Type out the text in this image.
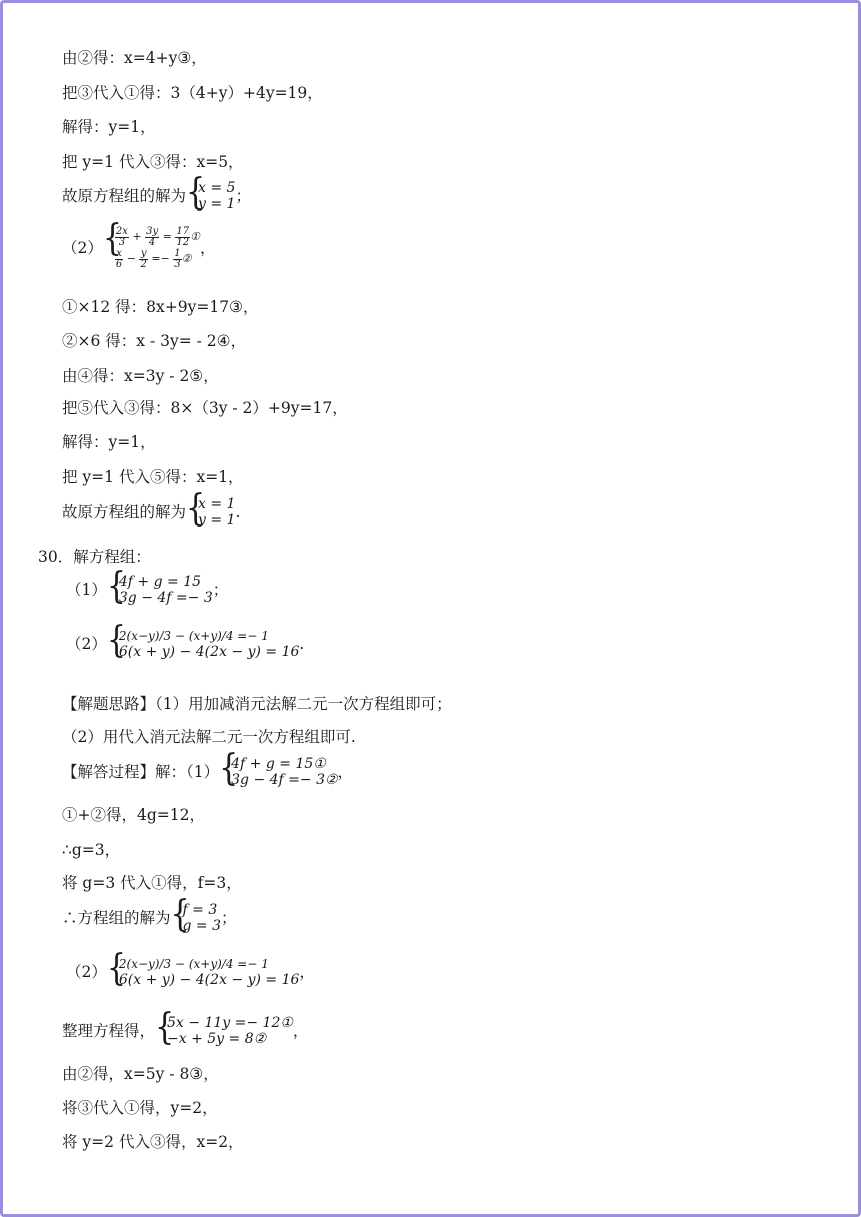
由②得：x=4+y③，
把③代入①得：3（4+y）+4y=19，
解得：y=1，
把 y=1 代入③得：x=5，
故原方程组的解为 { x = 5
y = 1 ；
（2）
{ $\frac{2x}{3} + \frac{3y}{4} = \frac{17}{12}$ ①
$\frac{x}{6} - \frac{y}{2} =- \frac{1}{3}$ ②
，
①×12 得：8x+9y=17③，
②×6 得：x - 3y= - 2④，
由④得：x=3y - 2⑤，
把⑤代入③得：8×（3y - 2）+9y=17，
解得：y=1，
把 y=1 代入⑤得：x=1，
故原方程组的解为 { x = 1
y = 1 .
30．解方程组：
（1） { 4f + g = 15
3g − 4f =− 3 ；
（2） { 2(x−y)/3 − (x+y)/4 =− 1
6(x + y) − 4(2x − y) = 16 .
【解题思路】（1）用加减消元法解二元一次方程组即可；
（2）用代入消元法解二元一次方程组即可.
【解答过程】解：（1） { 4f + g = 15①
3g − 4f =− 3② ，
①+②得，4g=12，
∴g=3，
将 g=3 代入①得，f=3，
∴方程组的解为 { f = 3
g = 3 ；
（2） { 2(x−y)/3 − (x+y)/4 =− 1
6(x + y) − 4(2x − y) = 16 ，
整理方程得， { 5x − 11y =− 12①
−x + 5y = 8②	，
由②得，x=5y - 8③，
将③代入①得，y=2，
将 y=2 代入③得，x=2，
